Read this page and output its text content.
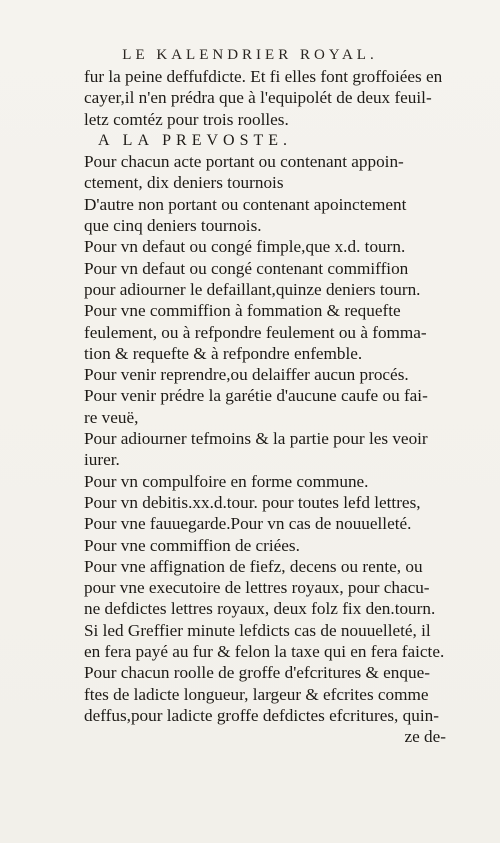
LE KALENDRIER ROYAL.
fur la peine deffufdicte. Et fi elles font groffoiées en
cayer,il n'en prédra que à l'equipolét de deux feuil-
letz comtéz pour trois roolles.
A LA PREVOSTE.
Pour chacun acte portant ou contenant appoin-
ctement, dix deniers tournois
D'autre non portant ou contenant apoinctement
que cinq deniers tournois.
Pour vn defaut ou congé fimple,que x.d. tourn.
Pour vn defaut ou congé contenant commiffion
pour adiourner le defaillant,quinze deniers tourn.
Pour vne commiffion à fommation & requefte
feulement, ou à refpondre feulement ou à fomma-
tion & requefte & à refpondre enfemble.
Pour venir reprendre,ou delaiffer aucun procés.
Pour venir prédre la garétie d'aucune caufe ou fai-
re veuë,
Pour adiourner tefmoins & la partie pour les veoir
iurer.
Pour vn compulfoire en forme commune.
Pour vn debitis.xx.d.tour. pour toutes lefd lettres,
Pour vne fauuegarde.Pour vn cas de nouuelleté.
Pour vne commiffion de criées.
Pour vne affignation de fiefz, decens ou rente, ou
pour vne executoire de lettres royaux, pour chacu-
ne defdictes lettres royaux, deux folz fix den.tourn.
Si led Greffier minute lefdicts cas de nouuelleté, il
en fera payé au fur & felon la taxe qui en fera faicte.
Pour chacun roolle de groffe d'efcritures & enque-
ftes de ladicte longueur, largeur & efcrites comme
deffus,pour ladicte groffe defdictes efcritures, quin-
ze de-
